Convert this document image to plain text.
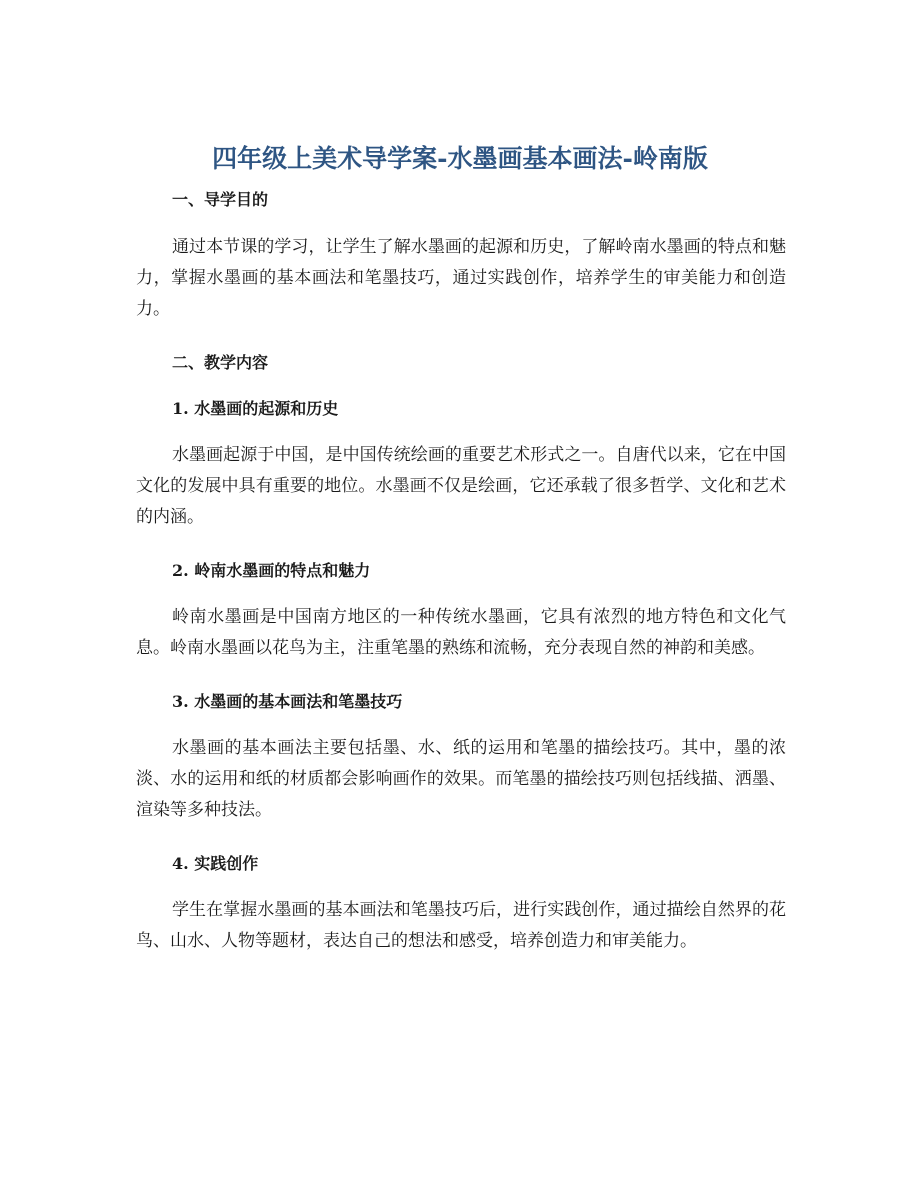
四年级上美术导学案-水墨画基本画法-岭南版
一、导学目的

通过本节课的学习，让学生了解水墨画的起源和历史，了解岭南水墨画的特点和魅力，掌握水墨画的基本画法和笔墨技巧，通过实践创作，培养学生的审美能力和创造力。

二、教学内容
1. 水墨画的起源和历史

水墨画起源于中国，是中国传统绘画的重要艺术形式之一。自唐代以来，它在中国文化的发展中具有重要的地位。水墨画不仅是绘画，它还承载了很多哲学、文化和艺术的内涵。

2. 岭南水墨画的特点和魅力

岭南水墨画是中国南方地区的一种传统水墨画，它具有浓烈的地方特色和文化气息。岭南水墨画以花鸟为主，注重笔墨的熟练和流畅，充分表现自然的神韵和美感。

3. 水墨画的基本画法和笔墨技巧

水墨画的基本画法主要包括墨、水、纸的运用和笔墨的描绘技巧。其中，墨的浓淡、水的运用和纸的材质都会影响画作的效果。而笔墨的描绘技巧则包括线描、洒墨、渲染等多种技法。

4. 实践创作

学生在掌握水墨画的基本画法和笔墨技巧后，进行实践创作，通过描绘自然界的花鸟、山水、人物等题材，表达自己的想法和感受，培养创造力和审美能力。
